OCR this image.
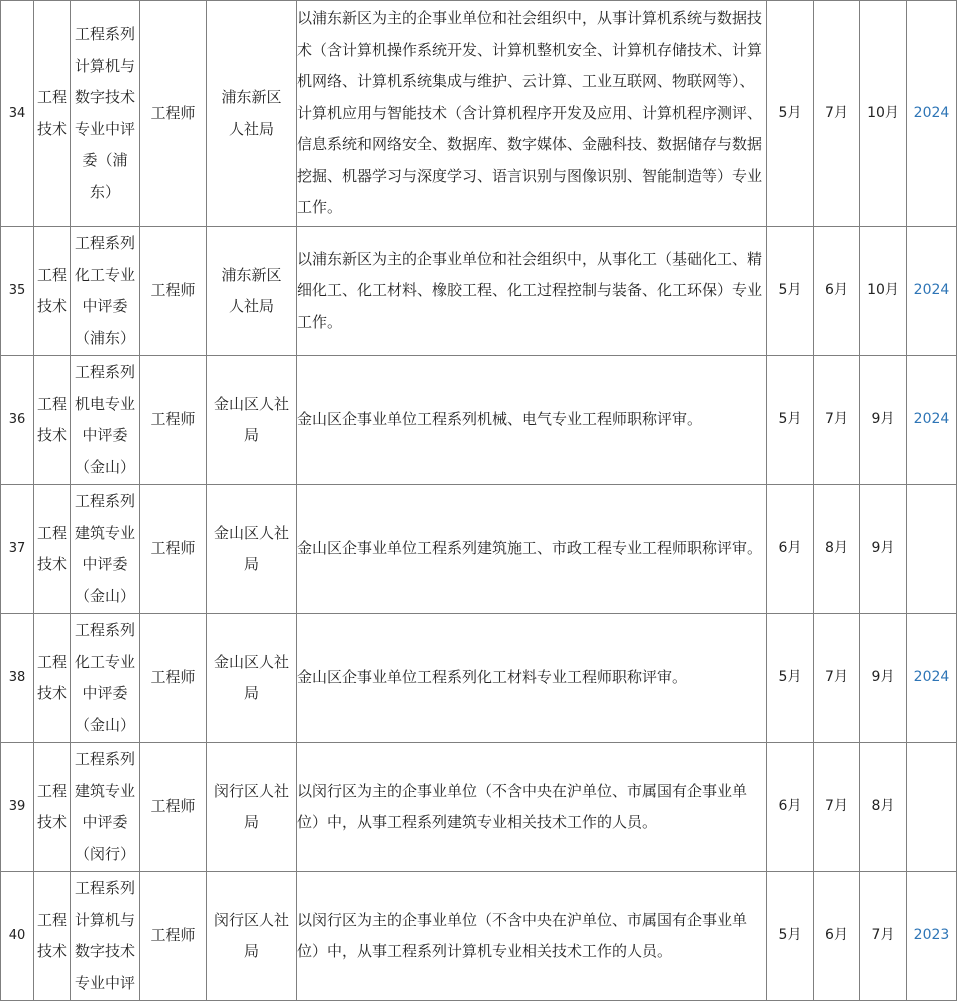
34	工程技术	工程系列计算机与数字技术专业中评委（浦东）	工程师	浦东新区人社局	以浦东新区为主的企事业单位和社会组织中，从事计算机系统与数据技术（含计算机操作系统开发、计算机整机安全、计算机存储技术、计算机网络、计算机系统集成与维护、云计算、工业互联网、物联网等）、计算机应用与智能技术（含计算机程序开发及应用、计算机程序测评、信息系统和网络安全、数据库、数字媒体、金融科技、数据储存与数据挖掘、机器学习与深度学习、语言识别与图像识别、智能制造等）专业工作。	5月	7月	10月	2024
35	工程技术	工程系列化工专业中评委（浦东）	工程师	浦东新区人社局	以浦东新区为主的企事业单位和社会组织中，从事化工（基础化工、精细化工、化工材料、橡胶工程、化工过程控制与装备、化工环保）专业工作。	5月	6月	10月	2024
36	工程技术	工程系列机电专业中评委（金山）	工程师	金山区人社局	金山区企事业单位工程系列机械、电气专业工程师职称评审。	5月	7月	9月	2024
37	工程技术	工程系列建筑专业中评委（金山）	工程师	金山区人社局	金山区企事业单位工程系列建筑施工、市政工程专业工程师职称评审。	6月	8月	9月	
38	工程技术	工程系列化工专业中评委（金山）	工程师	金山区人社局	金山区企事业单位工程系列化工材料专业工程师职称评审。	5月	7月	9月	2024
39	工程技术	工程系列建筑专业中评委（闵行）	工程师	闵行区人社局	以闵行区为主的企事业单位（不含中央在沪单位、市属国有企事业单位）中，从事工程系列建筑专业相关技术工作的人员。	6月	7月	8月	
40	工程技术	工程系列计算机与数字技术专业中评	工程师	闵行区人社局	以闵行区为主的企事业单位（不含中央在沪单位、市属国有企事业单位）中，从事工程系列计算机专业相关技术工作的人员。	5月	6月	7月	2023
